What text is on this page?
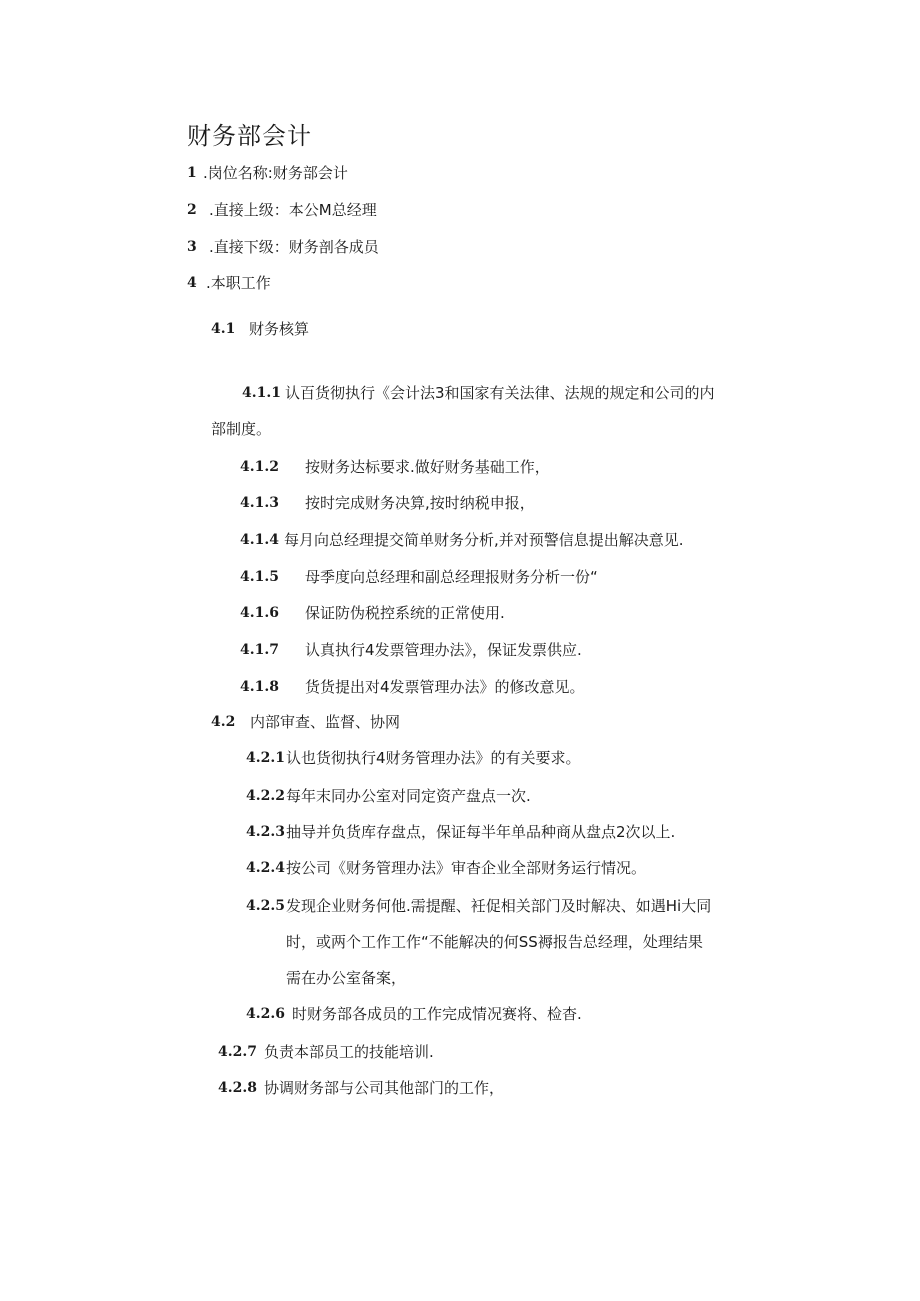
财务部会计
1 .岗位名称:财务部会计
2 .直接上级：本公M总经理
3 .直接下级：财务剖各成员
4 .本职工作
4.1 财务核算
4.1.1 认百货彻执行《会计法3和国家有关法律、法规的规定和公司的内
部制度。
4.1.2 按财务达标要求.做好财务基础工作，
4.1.3 按时完成财务决算,按时纳税申报，
4.1.4 每月向总经理提交简单财务分析,并对预警信息提出解决意见.
4.1.5 母季度向总经理和副总经理报财务分析一份“
4.1.6 保证防伪税控系统的正常使用.
4.1.7 认真执行4发票管理办法》，保证发票供应.
4.1.8 货货提出对4发票管理办法》的修改意见。
4.2 内部审查、监督、协网
4.2.1 认也货彻执行4财务管理办法》的有关要求。
4.2.2 每年末同办公室对同定资产盘点一次.
4.2.3 抽导并负货库存盘点，保证每半年单品种商从盘点2次以上.
4.2.4 按公司《财务管理办法》审杳企业全部财务运行情况。
4.2.5 发现企业财务何他.需提醒、衽促相关部门及时解决、如遇Hi大同
时，或两个工作工作“不能解决的何SS褥报告总经理，处理结果
需在办公室备案，
4.2.6 时财务部各成员的工作完成情况赛将、检杳.
4.2.7 负责本部员工的技能培训.
4.2.8 协调财务部与公司其他部门的工作，
